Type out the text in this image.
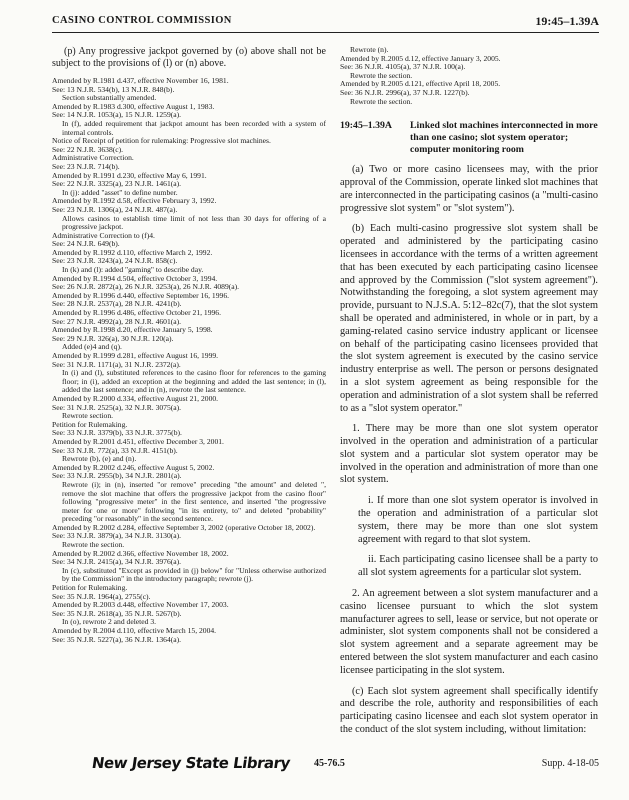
CASINO CONTROL COMMISSION	19:45–1.39A

(p) Any progressive jackpot governed by (o) above shall not be subject to the provisions of (l) or (n) above.

Amended by R.1981 d.437, effective November 16, 1981.
See: 13 N.J.R. 534(b), 13 N.J.R. 848(b).
Section substantially amended.
Amended by R.1983 d.300, effective August 1, 1983.
See: 14 N.J.R. 1053(a), 15 N.J.R. 1259(a).
In (f), added requirement that jackpot amount has been recorded with a system of internal controls.
Notice of Receipt of petition for rulemaking: Progressive slot machines.
See: 22 N.J.R. 3638(c).
Administrative Correction.
See: 23 N.J.R. 714(b).
Amended by R.1991 d.230, effective May 6, 1991.
See: 22 N.J.R. 3325(a), 23 N.J.R. 1461(a).
In (j): added "asset" to define number.
Amended by R.1992 d.58, effective February 3, 1992.
See: 23 N.J.R. 1306(a), 24 N.J.R. 487(a).
Allows casinos to establish time limit of not less than 30 days for offering of a progressive jackpot.
Administrative Correction to (f)4.
See: 24 N.J.R. 649(b).
Amended by R.1992 d.110, effective March 2, 1992.
See: 23 N.J.R. 3243(a), 24 N.J.R. 858(c).
In (k) and (l): added "gaming" to describe day.
Amended by R.1994 d.504, effective October 3, 1994.
See: 26 N.J.R. 2872(a), 26 N.J.R. 3253(a), 26 N.J.R. 4089(a).
Amended by R.1996 d.440, effective September 16, 1996.
See: 28 N.J.R. 2537(a), 28 N.J.R. 4241(b).
Amended by R.1996 d.486, effective October 21, 1996.
See: 27 N.J.R. 4992(a), 28 N.J.R. 4601(a).
Amended by R.1998 d.20, effective January 5, 1998.
See: 29 N.J.R. 326(a), 30 N.J.R. 120(a).
Added (e)4 and (q).
Amended by R.1999 d.281, effective August 16, 1999.
See: 31 N.J.R. 1171(a), 31 N.J.R. 2372(a).
In (i) and (l), substituted references to the casino floor for references to the gaming floor; in (i), added an exception at the beginning and added the last sentence; in (l), added the last sentence; and in (n), rewrote the last sentence.
Amended by R.2000 d.334, effective August 21, 2000.
See: 31 N.J.R. 2525(a), 32 N.J.R. 3075(a).
Rewrote section.
Petition for Rulemaking.
See: 33 N.J.R. 3379(b), 33 N.J.R. 3775(b).
Amended by R.2001 d.451, effective December 3, 2001.
See: 33 N.J.R. 772(a), 33 N.J.R. 4151(b).
Rewrote (b), (e) and (n).
Amended by R.2002 d.246, effective August 5, 2002.
See: 33 N.J.R. 2955(b), 34 N.J.R. 2801(a).
Rewrote (i); in (n), inserted "or remove" preceding "the amount" and deleted ", remove the slot machine that offers the progressive jackpot from the casino floor" following "progressive meter" in the first sentence, and inserted "the progressive meter for one or more" following "in its entirety, to" and deleted "probability" preceding "or reasonably" in the second sentence.
Amended by R.2002 d.284, effective September 3, 2002 (operative October 18, 2002).
See: 33 N.J.R. 3879(a), 34 N.J.R. 3130(a).
Rewrote the section.
Amended by R.2002 d.366, effective November 18, 2002.
See: 34 N.J.R. 2415(a), 34 N.J.R. 3976(a).
In (c), substituted "Except as provided in (j) below" for "Unless otherwise authorized by the Commission" in the introductory paragraph; rewrote (j).
Petition for Rulemaking.
See: 35 N.J.R. 1964(a), 2755(c).
Amended by R.2003 d.448, effective November 17, 2003.
See: 35 N.J.R. 2618(a), 35 N.J.R. 5267(b).
In (o), rewrote 2 and deleted 3.
Amended by R.2004 d.110, effective March 15, 2004.
See: 35 N.J.R. 5227(a), 36 N.J.R. 1364(a).
Rewrote (n).
Amended by R.2005 d.12, effective January 3, 2005.
See: 36 N.J.R. 4105(a), 37 N.J.R. 100(a).
Rewrote the section.
Amended by R.2005 d.121, effective April 18, 2005.
See: 36 N.J.R. 2996(a), 37 N.J.R. 1227(b).
Rewrote the section.
19:45–1.39A Linked slot machines interconnected in more than one casino; slot system operator; computer monitoring room

(a) Two or more casino licensees may, with the prior approval of the Commission, operate linked slot machines that are interconnected in the participating casinos (a "multi-casino progressive slot system" or "slot system").

(b) Each multi-casino progressive slot system shall be operated and administered by the participating casino licensees in accordance with the terms of a written agreement that has been executed by each participating casino licensee and approved by the Commission ("slot system agreement"). Notwithstanding the foregoing, a slot system agreement may provide, pursuant to N.J.S.A. 5:12–82c(7), that the slot system shall be operated and administered, in whole or in part, by a gaming-related casino service industry applicant or licensee on behalf of the participating casino licensees provided that the slot system agreement is executed by the casino service industry enterprise as well. The person or persons designated in a slot system agreement as being responsible for the operation and administration of a slot system shall be referred to as a "slot system operator."

1. There may be more than one slot system operator involved in the operation and administration of a particular slot system and a particular slot system operator may be involved in the operation and administration of more than one slot system.

i. If more than one slot system operator is involved in the operation and administration of a particular slot system, there may be more than one slot system agreement with regard to that slot system.

ii. Each participating casino licensee shall be a party to all slot system agreements for a particular slot system.

2. An agreement between a slot system manufacturer and a casino licensee pursuant to which the slot system manufacturer agrees to sell, lease or service, but not operate or administer, slot system components shall not be considered a slot system agreement and a separate agreement may be entered between the slot system manufacturer and each casino licensee participating in the slot system.

(c) Each slot system agreement shall specifically identify and describe the role, authority and responsibilities of each participating casino licensee and each slot system operator in the conduct of the slot system including, without limitation:

New Jersey State Library 45-76.5	Supp. 4-18-05
